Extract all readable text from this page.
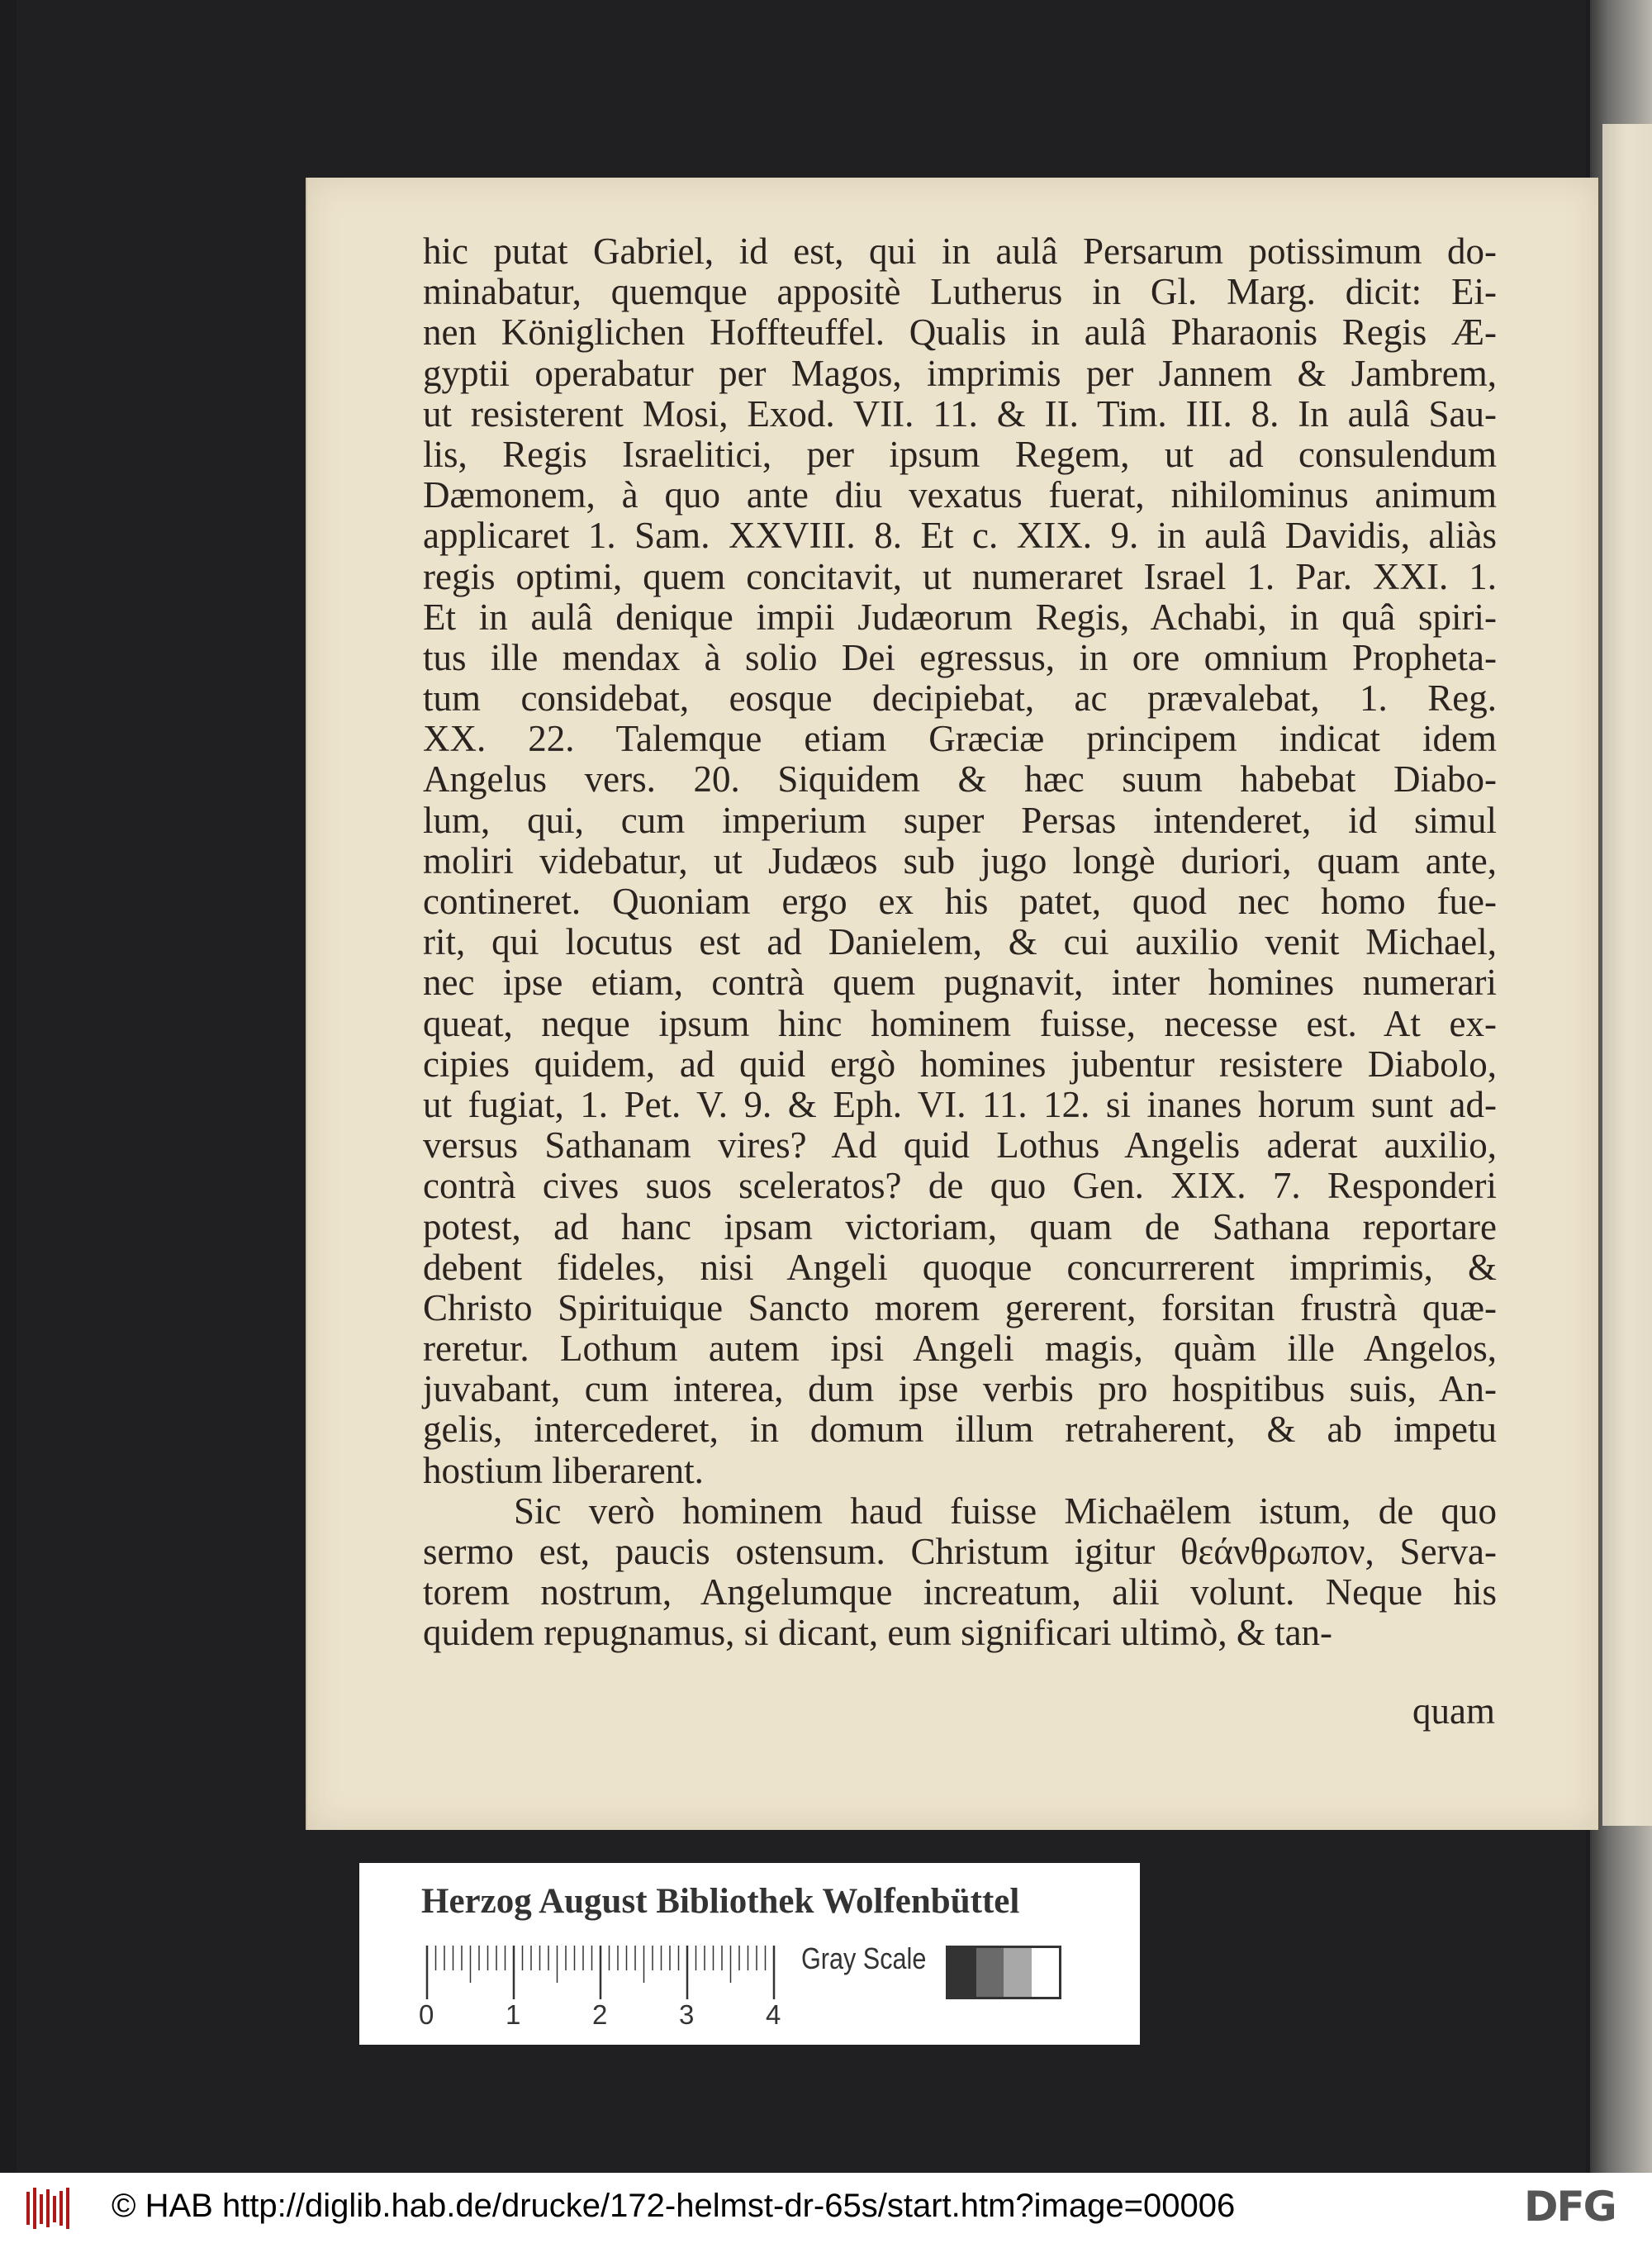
hic putat Gabriel, id est, qui in aulâ Persarum potissimum do-
minabatur, quemque appositè Lutherus in Gl. Marg. dicit: Ei-
nen Königlichen Hoffteuffel. Qualis in aulâ Pharaonis Regis Æ-
gyptii operabatur per Magos, imprimis per Jannem & Jambrem,
ut resisterent Mosi, Exod. VII. 11. & II. Tim. III. 8. In aulâ Sau-
lis, Regis Israelitici, per ipsum Regem, ut ad consulendum
Dæmonem, à quo ante diu vexatus fuerat, nihilominus animum
applicaret 1. Sam. XXVIII. 8. Et c. XIX. 9. in aulâ Davidis, aliàs
regis optimi, quem concitavit, ut numeraret Israel 1. Par. XXI. 1.
Et in aulâ denique impii Judæorum Regis, Achabi, in quâ spiri-
tus ille mendax à solio Dei egressus, in ore omnium Propheta-
tum considebat, eosque decipiebat, ac prævalebat, 1. Reg.
XX. 22. Talemque etiam Græciæ principem indicat idem
Angelus vers. 20. Siquidem & hæc suum habebat Diabo-
lum, qui, cum imperium super Persas intenderet, id simul
moliri videbatur, ut Judæos sub jugo longè duriori, quam ante,
contineret. Quoniam ergo ex his patet, quod nec homo fue-
rit, qui locutus est ad Danielem, & cui auxilio venit Michael,
nec ipse etiam, contrà quem pugnavit, inter homines numerari
queat, neque ipsum hinc hominem fuisse, necesse est. At ex-
cipies quidem, ad quid ergò homines jubentur resistere Diabolo,
ut fugiat, 1. Pet. V. 9. & Eph. VI. 11. 12. si inanes horum sunt ad-
versus Sathanam vires? Ad quid Lothus Angelis aderat auxilio,
contrà cives suos sceleratos? de quo Gen. XIX. 7. Responderi
potest, ad hanc ipsam victoriam, quam de Sathana reportare
debent fideles, nisi Angeli quoque concurrerent imprimis, &
Christo Spirituique Sancto morem gererent, forsitan frustrà quæ-
reretur. Lothum autem ipsi Angeli magis, quàm ille Angelos,
juvabant, cum interea, dum ipse verbis pro hospitibus suis, An-
gelis, intercederet, in domum illum retraherent, & ab impetu
hostium liberarent.
Sic verò hominem haud fuisse Michaëlem istum, de quo
sermo est, paucis ostensum. Christum igitur θεάνθρωπον, Serva-
torem nostrum, Angelumque increatum, alii volunt. Neque his
quidem repugnamus, si dicant, eum significari ultimò, & tan-
quam
Herzog August Bibliothek Wolfenbüttel
0	1	2	3	4
Gray Scale
© HAB http://diglib.hab.de/drucke/172-helmst-dr-65s/start.htm?image=00006	DFG
